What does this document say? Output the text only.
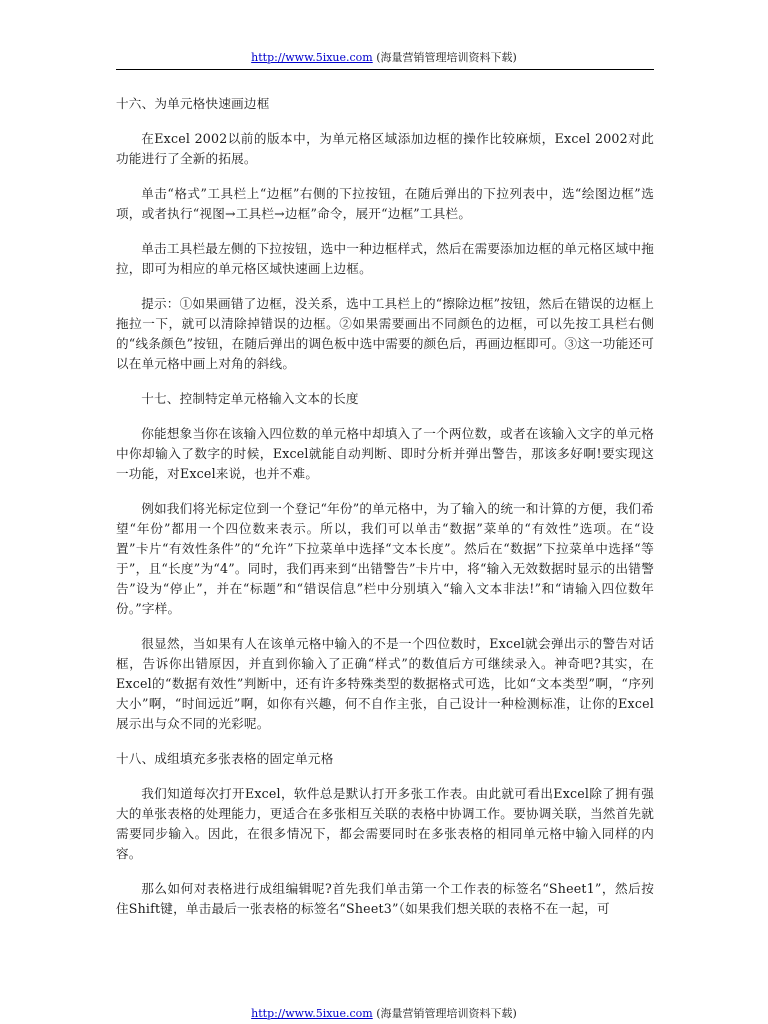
http://www.5ixue.com (海量营销管理培训资料下载)

十六、为单元格快速画边框

在Excel 2002以前的版本中，为单元格区域添加边框的操作比较麻烦，Excel 2002对此功能进行了全新的拓展。

单击“格式”工具栏上“边框”右侧的下拉按钮，在随后弹出的下拉列表中，选“绘图边框”选项，或者执行“视图→工具栏→边框”命令，展开“边框”工具栏。

单击工具栏最左侧的下拉按钮，选中一种边框样式，然后在需要添加边框的单元格区域中拖拉，即可为相应的单元格区域快速画上边框。

提示：①如果画错了边框，没关系，选中工具栏上的“擦除边框”按钮，然后在错误的边框上拖拉一下，就可以清除掉错误的边框。②如果需要画出不同颜色的边框，可以先按工具栏右侧的“线条颜色”按钮，在随后弹出的调色板中选中需要的颜色后，再画边框即可。③这一功能还可以在单元格中画上对角的斜线。

十七、控制特定单元格输入文本的长度

你能想象当你在该输入四位数的单元格中却填入了一个两位数，或者在该输入文字的单元格中你却输入了数字的时候，Excel就能自动判断、即时分析并弹出警告，那该多好啊!要实现这一功能，对Excel来说，也并不难。

例如我们将光标定位到一个登记“年份”的单元格中，为了输入的统一和计算的方便，我们希望“年份”都用一个四位数来表示。所以，我们可以单击“数据”菜单的“有效性”选项。在“设置”卡片“有效性条件”的“允许”下拉菜单中选择“文本长度”。然后在“数据”下拉菜单中选择“等于”，且“长度”为“4”。同时，我们再来到“出错警告”卡片中，将“输入无效数据时显示的出错警告”设为“停止”，并在“标题”和“错误信息”栏中分别填入“输入文本非法!”和“请输入四位数年份。”字样。

很显然，当如果有人在该单元格中输入的不是一个四位数时，Excel就会弹出示的警告对话框，告诉你出错原因，并直到你输入了正确“样式”的数值后方可继续录入。神奇吧?其实，在Excel的“数据有效性”判断中，还有许多特殊类型的数据格式可选，比如“文本类型”啊，“序列大小”啊，“时间远近”啊，如你有兴趣，何不自作主张，自己设计一种检测标准，让你的Excel展示出与众不同的光彩呢。

十八、成组填充多张表格的固定单元格

我们知道每次打开Excel，软件总是默认打开多张工作表。由此就可看出Excel除了拥有强大的单张表格的处理能力，更适合在多张相互关联的表格中协调工作。要协调关联，当然首先就需要同步输入。因此，在很多情况下，都会需要同时在多张表格的相同单元格中输入同样的内容。

那么如何对表格进行成组编辑呢?首先我们单击第一个工作表的标签名“Sheet1”，然后按住Shift键，单击最后一张表格的标签名“Sheet3”（如果我们想关联的表格不在一起，可

http://www.5ixue.com (海量营销管理培训资料下载)
